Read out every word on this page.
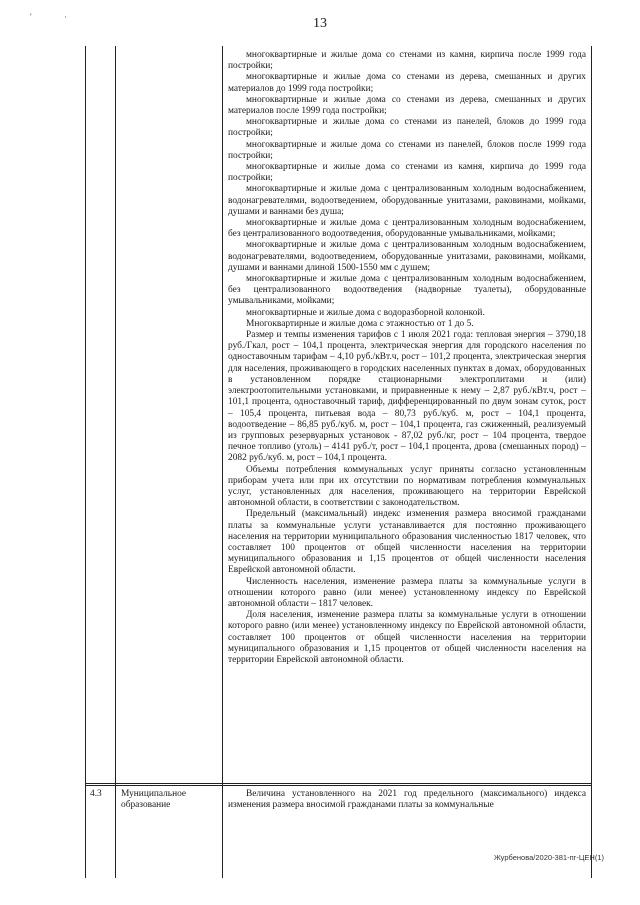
13
'	·

многоквартирные и жилые дома со стенами из камня, кирпича после 1999 года постройки;

многоквартирные и жилые дома со стенами из дерева, смешанных и других материалов до 1999 года постройки;

многоквартирные и жилые дома со стенами из дерева, смешанных и других материалов после 1999 года постройки;

многоквартирные и жилые дома со стенами из панелей, блоков до 1999 года постройки;

многоквартирные и жилые дома со стенами из панелей, блоков после 1999 года постройки;

многоквартирные и жилые дома со стенами из камня, кирпича до 1999 года постройки;

многоквартирные и жилые дома с централизованным холодным водоснабжением, водонагревателями, водоотведением, оборудованные унитазами, раковинами, мойками, душами и ваннами без душа;

многоквартирные и жилые дома с централизованным холодным водоснабжением, без централизованного водоотведения, оборудованные умывальниками, мойками;

многоквартирные и жилые дома с централизованным холодным водоснабжением, водонагревателями, водоотведением, оборудованные унитазами, раковинами, мойками, душами и ваннами длиной 1500-1550 мм с душем;

многоквартирные и жилые дома с централизованным холодным водоснабжением, без централизованного водоотведения (надворные туалеты), оборудованные умывальниками, мойками;

многоквартирные и жилые дома с водоразборной колонкой.

Многоквартирные и жилые дома с этажностью от 1 до 5.

Размер и темпы изменения тарифов с 1 июля 2021 года: тепловая энергия – 3790,18 руб./Гкал, рост – 104,1 процента, электрическая энергия для городского населения по одноставочным тарифам – 4,10 руб./кВт.ч, рост – 101,2 процента, электрическая энергия для населения, проживающего в городских населенных пунктах в домах, оборудованных в установленном порядке стационарными электроплитами и (или) электроотопительными установками, и приравненные к нему – 2,87 руб./кВт.ч, рост – 101,1 процента, одноставочный тариф, дифференцированный по двум зонам суток, рост – 105,4 процента, питьевая вода – 80,73 руб./куб. м, рост – 104,1 процента, водоотведение – 86,85 руб./куб. м, рост – 104,1 процента, газ сжиженный, реализуемый из групповых резервуарных установок - 87,02 руб./кг, рост – 104 процента, твердое печное топливо (уголь) – 4141 руб./т, рост – 104,1 процента, дрова (смешанных пород) – 2082 руб./куб. м, рост – 104,1 процента.

Объемы потребления коммунальных услуг приняты согласно установленным приборам учета или при их отсутствии по нормативам потребления коммунальных услуг, установленных для населения, проживающего на территории Еврейской автономной области, в соответствии с законодательством.

Предельный (максимальный) индекс изменения размера вносимой гражданами платы за коммунальные услуги устанавливается для постоянно проживающего населения на территории муниципального образования численностью 1817 человек, что составляет 100 процентов от общей численности населения на территории муниципального образования и 1,15 процентов от общей численности населения Еврейской автономной области.

Численность населения, изменение размера платы за коммунальные услуги в отношении которого равно (или менее) установленному индексу по Еврейской автономной области – 1817 человек.

Доля населения, изменение размера платы за коммунальные услуги в отношении которого равно (или менее) установленному индексу по Еврейской автономной области, составляет 100 процентов от общей численности населения на территории муниципального образования и 1,15 процентов от общей численности населения на территории Еврейской автономной области.

4.3	Муниципальное образование

Величина установленного на 2021 год предельного (максимального) индекса изменения размера вносимой гражданами платы за коммунальные

Журбенова/2020-381-пг-ЦЕН(1)
